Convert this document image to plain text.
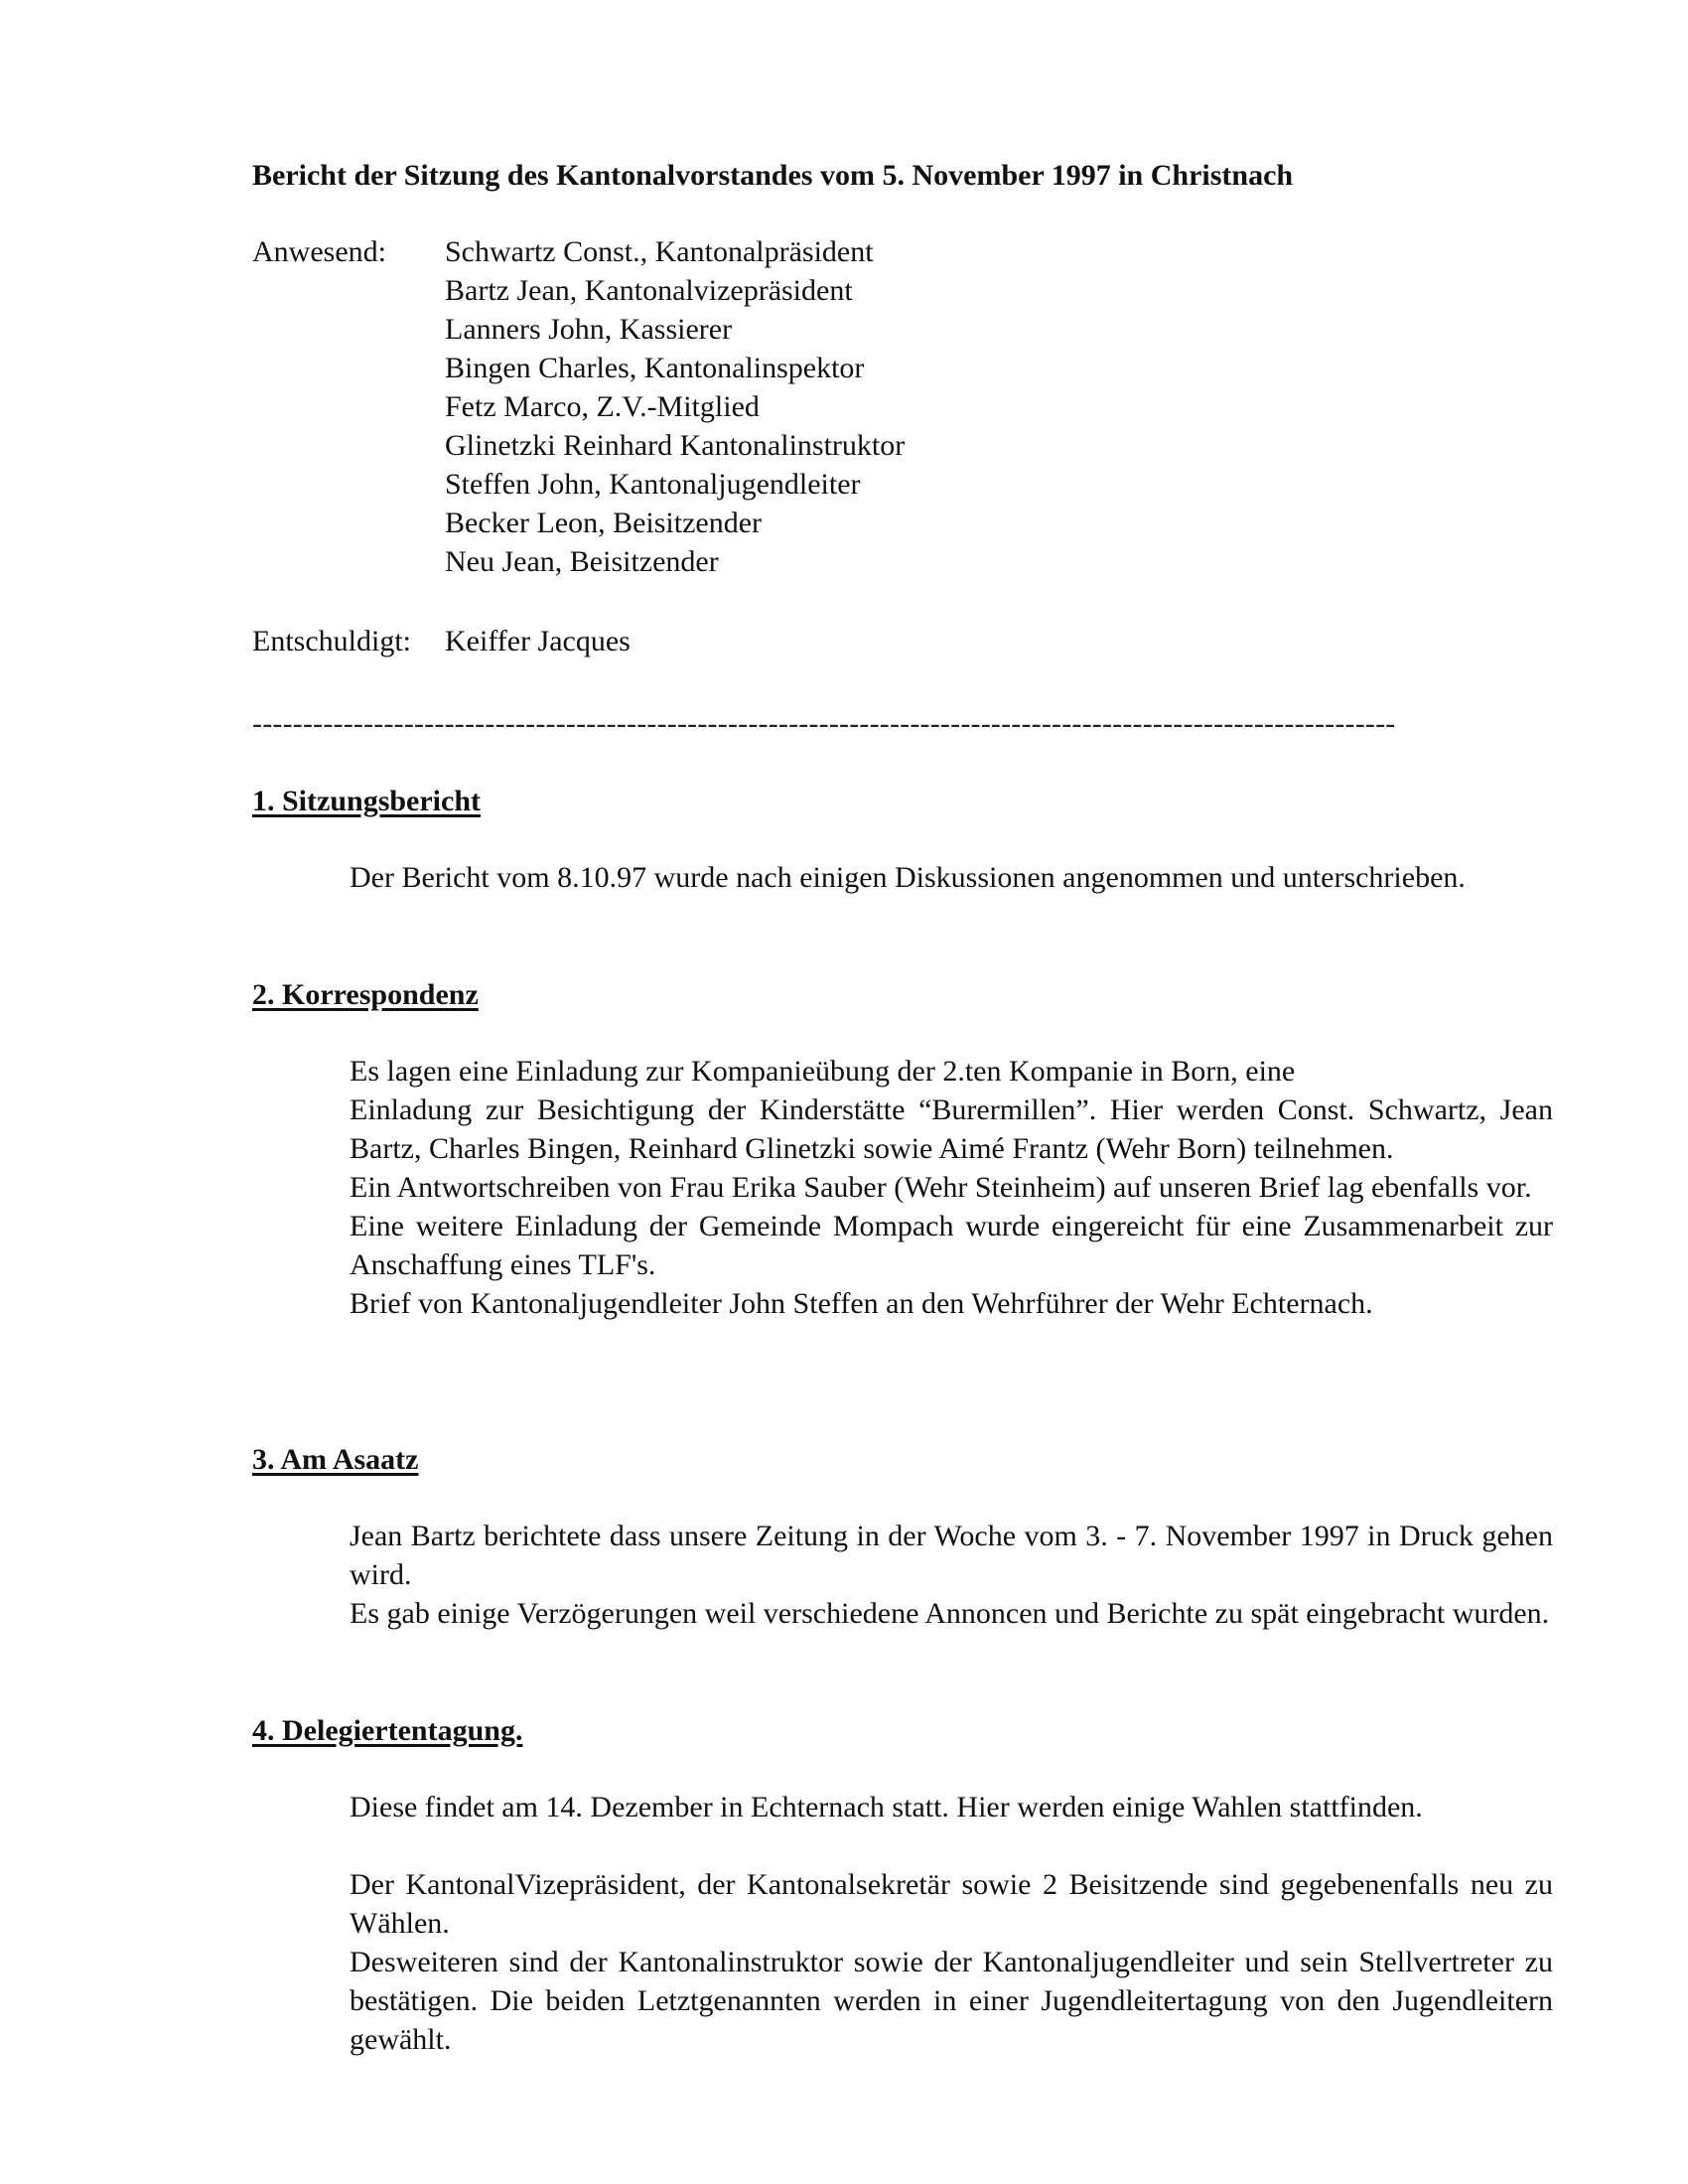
Bericht der Sitzung des Kantonalvorstandes vom 5. November 1997 in Christnach
Anwesend:	Schwartz Const., Kantonalpräsident
Bartz Jean, Kantonalvizepräsident
Lanners John, Kassierer
Bingen Charles, Kantonalinspektor
Fetz Marco, Z.V.-Mitglied
Glinetzki Reinhard Kantonalinstruktor
Steffen John, Kantonaljugendleiter
Becker Leon, Beisitzender
Neu Jean, Beisitzender
Entschuldigt:	Keiffer Jacques
-----------------------------------------------------------------------------------------------------------------
1. Sitzungsbericht

Der Bericht vom 8.10.97 wurde nach einigen Diskussionen angenommen und unterschrieben.

2. Korrespondenz

Es lagen eine Einladung zur Kompanieübung der 2.ten Kompanie in Born, eine

Einladung zur Besichtigung der Kinderstätte “Burermillen”. Hier werden Const. Schwartz, Jean Bartz, Charles Bingen, Reinhard Glinetzki sowie Aimé Frantz (Wehr Born) teilnehmen.

Ein Antwortschreiben von Frau Erika Sauber (Wehr Steinheim) auf unseren Brief lag ebenfalls vor.

Eine weitere Einladung der Gemeinde Mompach wurde eingereicht für eine Zusammenarbeit zur Anschaffung eines TLF's.

Brief von Kantonaljugendleiter John Steffen an den Wehrführer der Wehr Echternach.

3. Am Asaatz

Jean Bartz berichtete dass unsere Zeitung in der Woche vom 3. - 7. November 1997 in Druck gehen wird.

Es gab einige Verzögerungen weil verschiedene Annoncen und Berichte zu spät eingebracht wurden.

4. Delegiertentagung.

Diese findet am 14. Dezember in Echternach statt. Hier werden einige Wahlen stattfinden.

Der KantonalVizepräsident, der Kantonalsekretär sowie 2 Beisitzende sind gegebenenfalls neu zu Wählen.

Desweiteren sind der Kantonalinstruktor sowie der Kantonaljugendleiter und sein Stellvertreter zu bestätigen. Die beiden Letztgenannten werden in einer Jugendleitertagung von den Jugendleitern gewählt.
